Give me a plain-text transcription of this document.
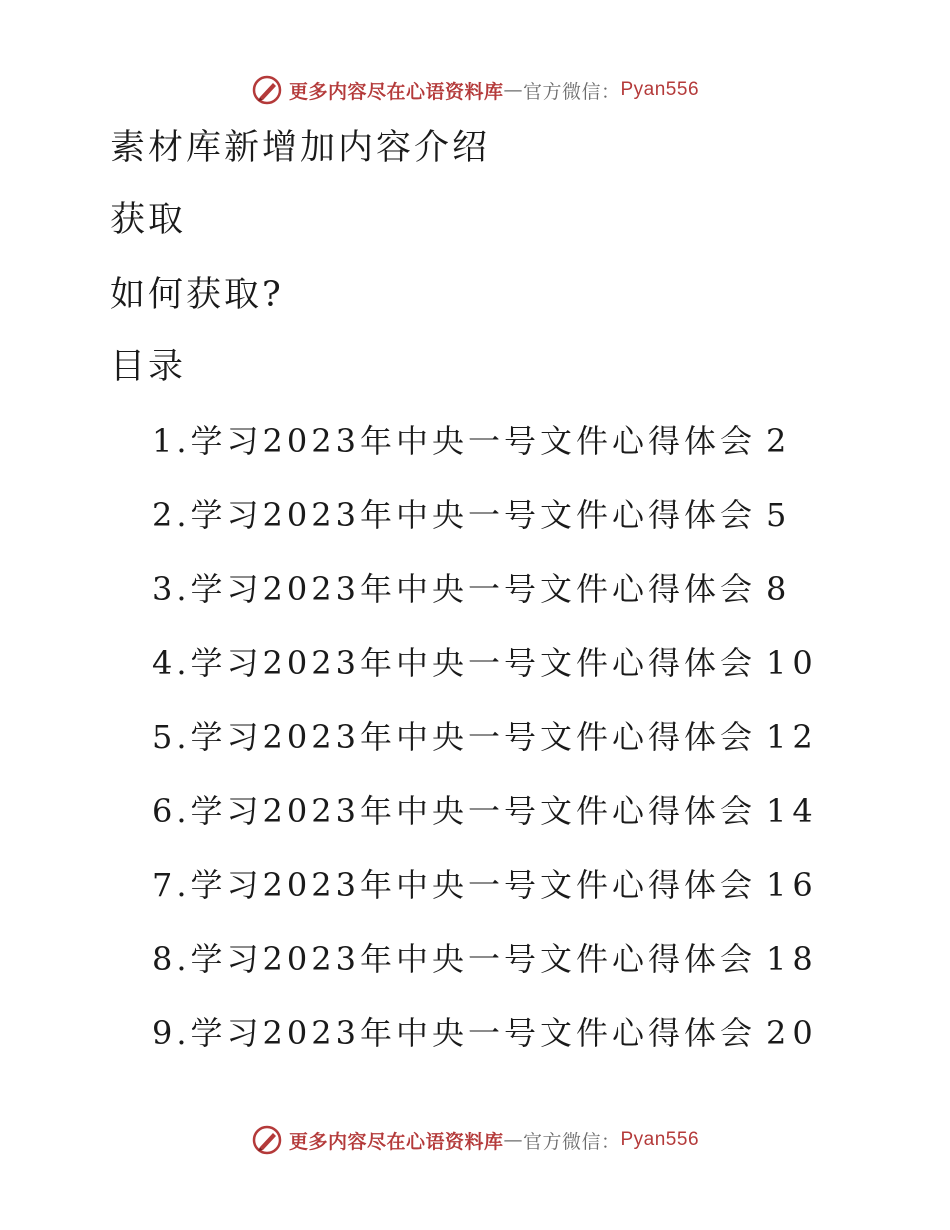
更多内容尽在心语资料库 — 官方微信： Pyan556
素材库新增加内容介绍
获取
如何获取?
目录
1.学习2023年中央一号文件心得体会 2
2.学习2023年中央一号文件心得体会 5
3.学习2023年中央一号文件心得体会 8
4.学习2023年中央一号文件心得体会 10
5.学习2023年中央一号文件心得体会 12
6.学习2023年中央一号文件心得体会 14
7.学习2023年中央一号文件心得体会 16
8.学习2023年中央一号文件心得体会 18
9.学习2023年中央一号文件心得体会 20
更多内容尽在心语资料库 — 官方微信： Pyan556
